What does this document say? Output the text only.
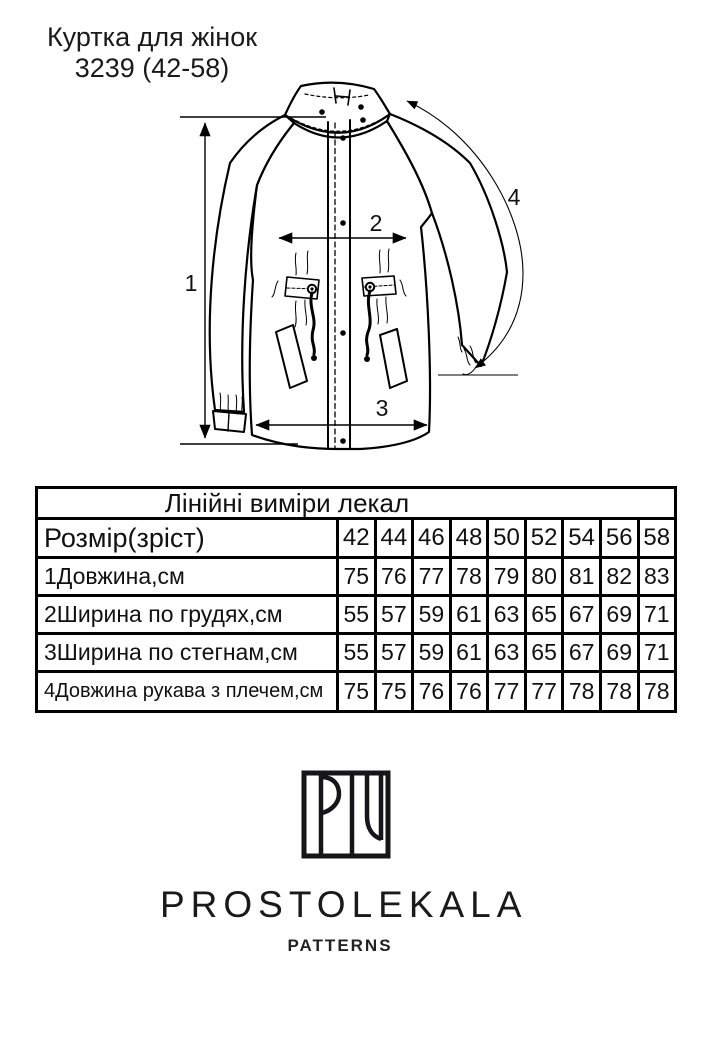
Куртка для жінок
3239 (42-58)
1
2
3
4
Лінійні виміри лекал
Розмір(зріст)	42 44 46 48 50 52 54 56 58
1Довжина,см	75 76 77 78 79 80 81 82 83
2Ширина по грудях,см	55 57 59 61 63 65 67 69 71
3Ширина по стегнам,см	55 57 59 61 63 65 67 69 71
4Довжина рукава з плечем,см 75 75 76 76 77 77 78 78 78
PROSTOLEKALA
PATTERNS
